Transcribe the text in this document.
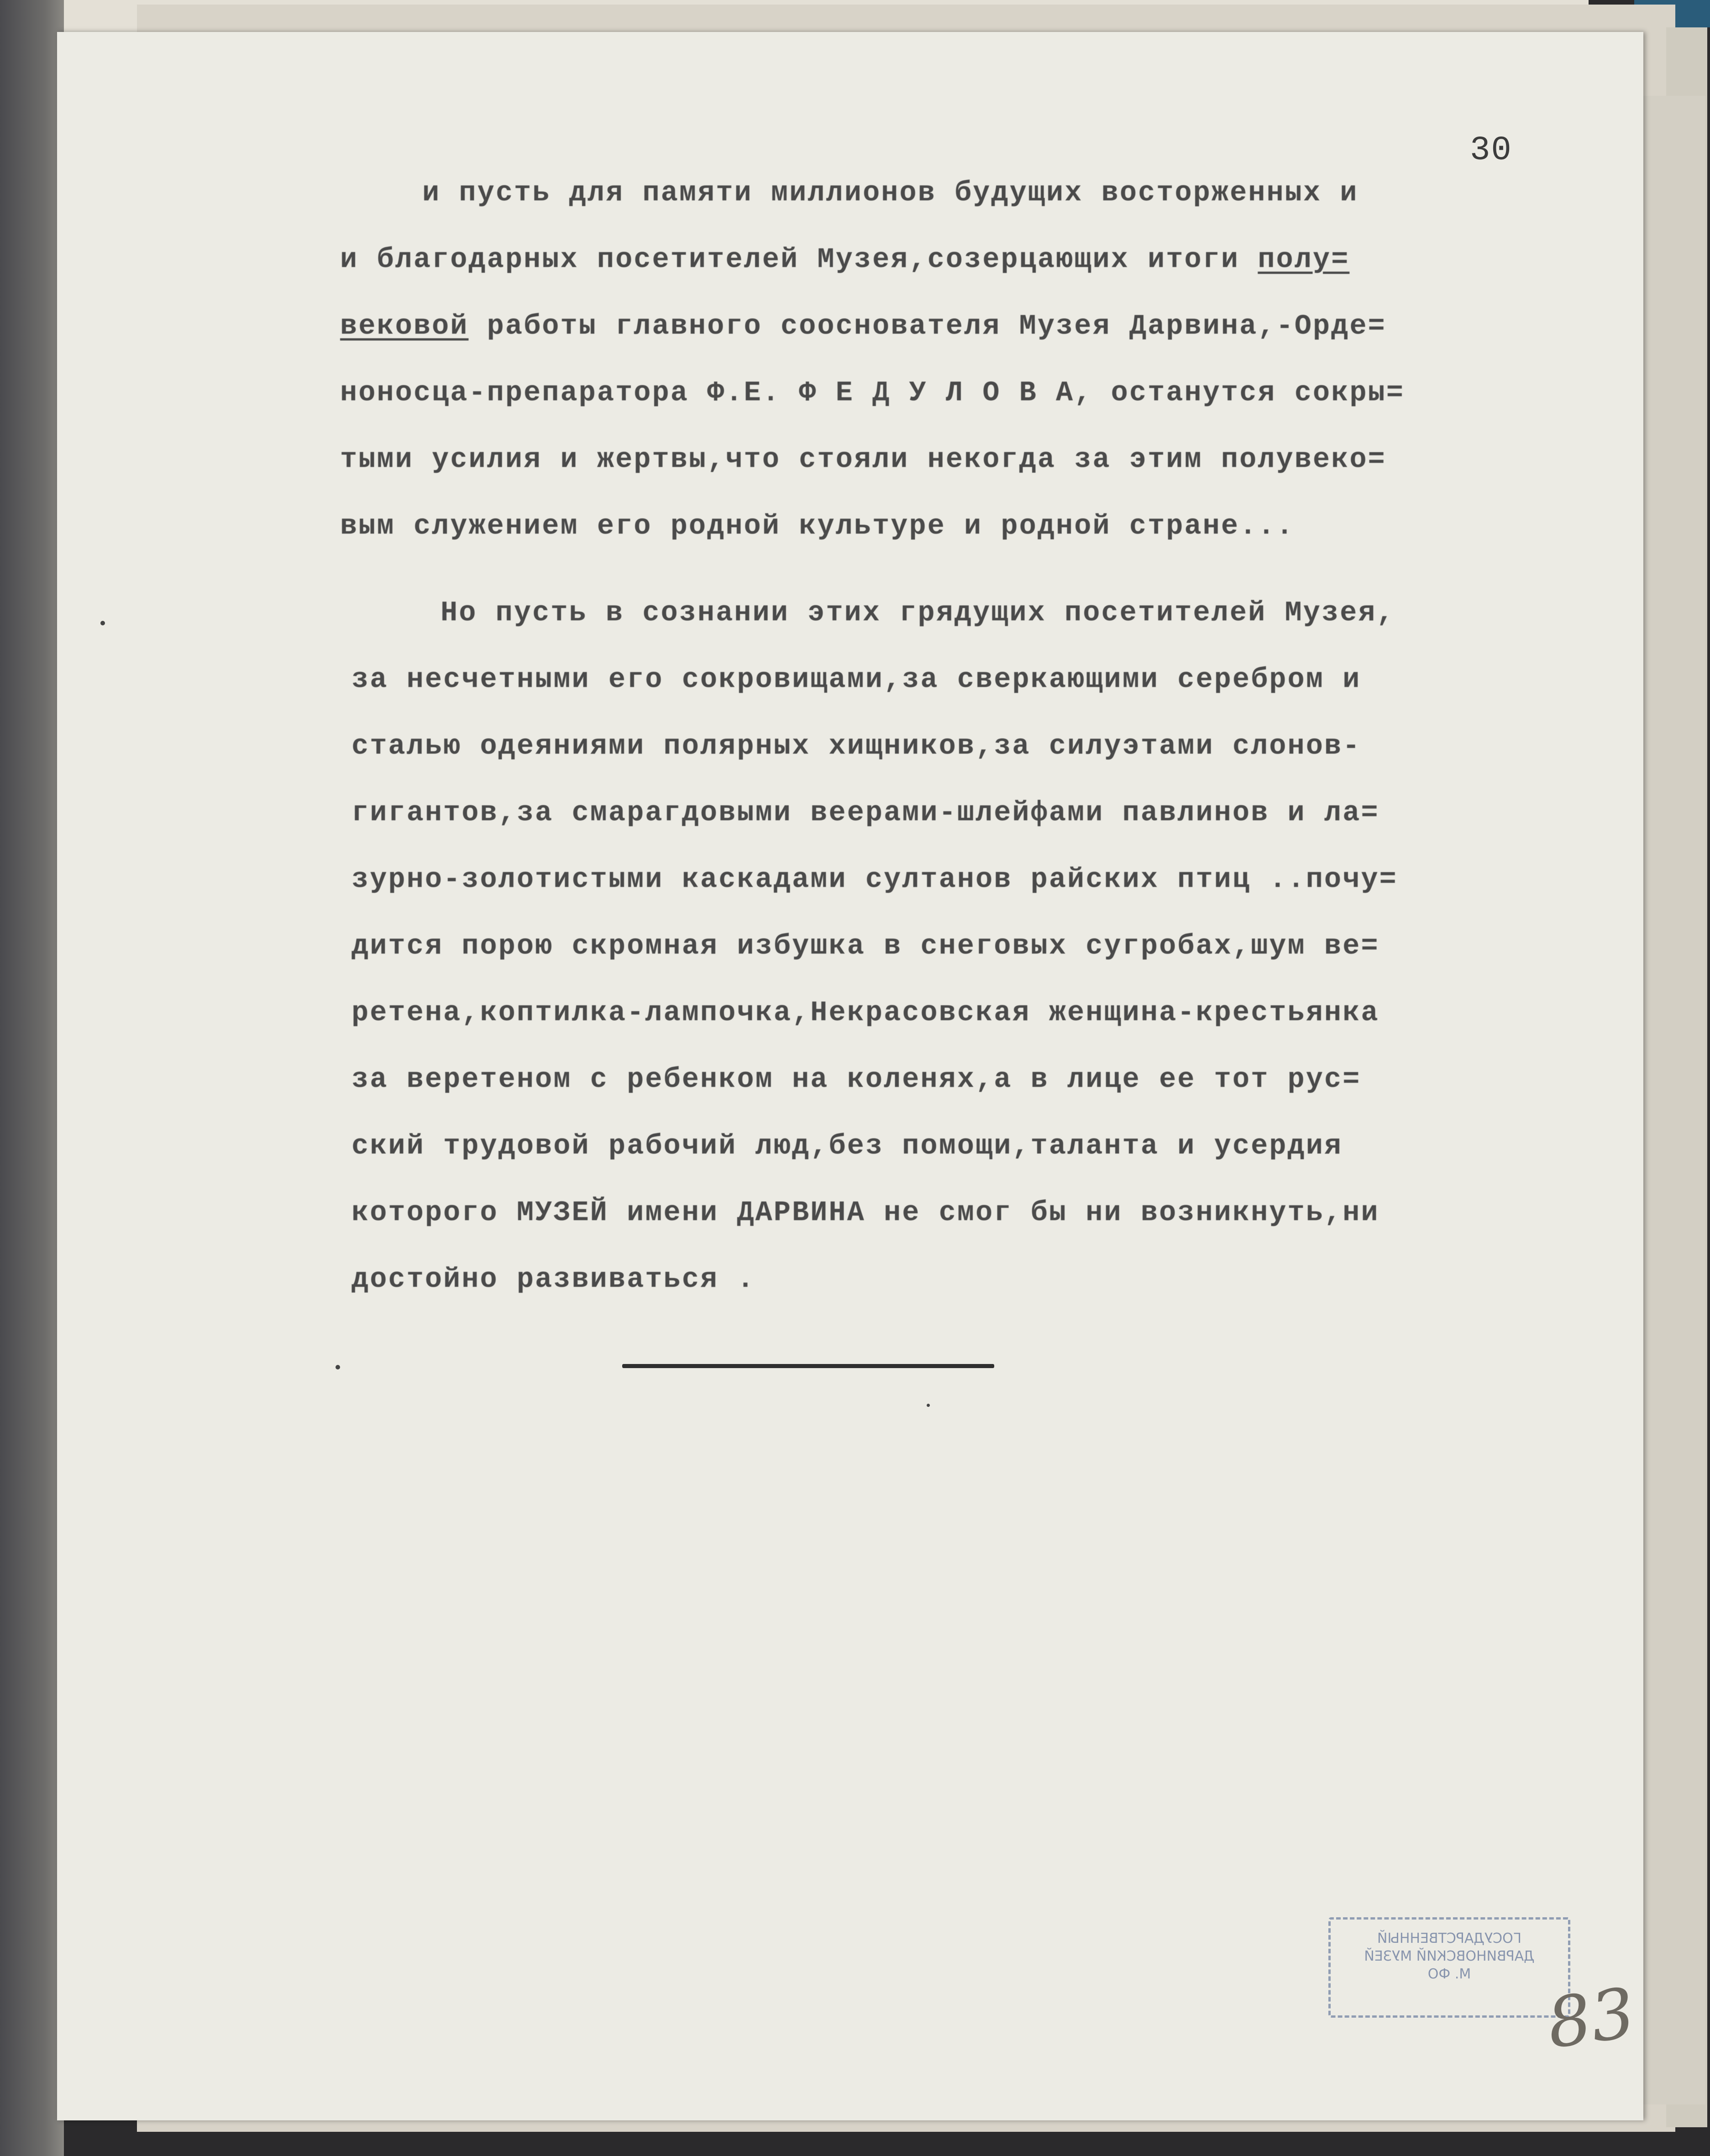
30
и пусть для памяти миллионов будущих восторженных и
и благодарных посетителей Музея,созерцающих итоги полу=
вековой работы главного сооснователя Музея Дарвина,-Орде=
ноносца-препаратора Ф.Е. Ф Е Д У Л О В А, останутся сокры=
тыми усилия и жертвы,что стояли некогда за этим полувеко=
вым служением его родной культуре и родной стране...
Но пусть в сознании этих грядущих посетителей Музея,
за несчетными его сокровищами,за сверкающими серебром и
сталью одеяниями полярных хищников,за силуэтами слонов-
гигантов,за смарагдовыми веерами-шлейфами павлинов и ла=
зурно-золотистыми каскадами султанов райских птиц ..почу=
дится порою скромная избушка в снеговых сугробах,шум ве=
ретена,коптилка-лампочка,Некрасовская женщина-крестьянка
за веретеном с ребенком на коленях,а в лице ее тот рус=
ский трудовой рабочий люд,без помощи,таланта и усердия
которого МУЗЕЙ имени ДАРВИНА не смог бы ни возникнуть,ни
достойно развиваться .
ГОСУДАРСТВЕННЫЙ
ДАРВИНОВСКИЙ МУЗЕЙ
М. ФО	83
